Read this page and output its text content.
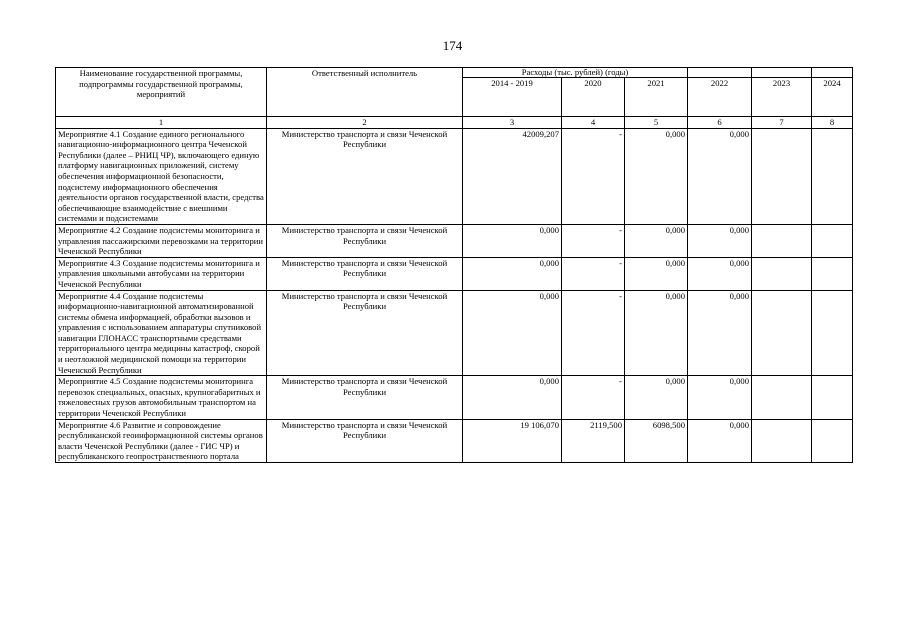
174
Наименование государственной программы, подпрограммы государственной программы, мероприятий	Ответственный исполнитель	Расходы (тыс. рублей) (годы)					
		2014 - 2019	2020	2021	2022	2023	2024
1	2	3	4	5	6	7	8
Мероприятие 4.1 Создание единого регионального навигационно-информационного центра Чеченской Республики (далее – РНИЦ ЧР), включающего единую платформу навигационных приложений, систему обеспечения информационной безопасности, подсистему информационного обеспечения деятельности органов государственной власти, средства обеспечивающие взаимодействие с внешними системами и подсистемами	Министерство транспорта и связи Чеченской Республики	42009,207	-	0,000	0,000		
Мероприятие 4.2 Создание подсистемы мониторинга и управления пассажирскими перевозками на территории Чеченской Республики	Министерство транспорта и связи Чеченской Республики	0,000	-	0,000	0,000		
Мероприятие 4.3 Создание подсистемы мониторинга и управления школьными автобусами на территории Чеченской Республики	Министерство транспорта и связи Чеченской Республики	0,000	-	0,000	0,000		
Мероприятие 4.4 Создание подсистемы информационно-навигационной автоматизированной системы обмена информацией, обработки вызовов и управления с использованием аппаратуры спутниковой навигации ГЛОНАСС транспортными средствами территориального центра медицины катастроф, скорой и неотложной медицинской помощи на территории Чеченской Республики	Министерство транспорта и связи Чеченской Республики	0,000	-	0,000	0,000		
Мероприятие 4.5 Создание подсистемы мониторинга перевозок специальных, опасных, крупногабаритных и тяжеловесных грузов автомобильным транспортом на территории Чеченской Республики	Министерство транспорта и связи Чеченской Республики	0,000	-	0,000	0,000		
Мероприятие 4.6 Развитие и сопровождение республиканской геоинформационной системы органов власти Чеченской Республики (далее - ГИС ЧР) и республиканского геопространственного портала	Министерство транспорта и связи Чеченской Республики	19 106,070	2119,500	6098,500	0,000		
